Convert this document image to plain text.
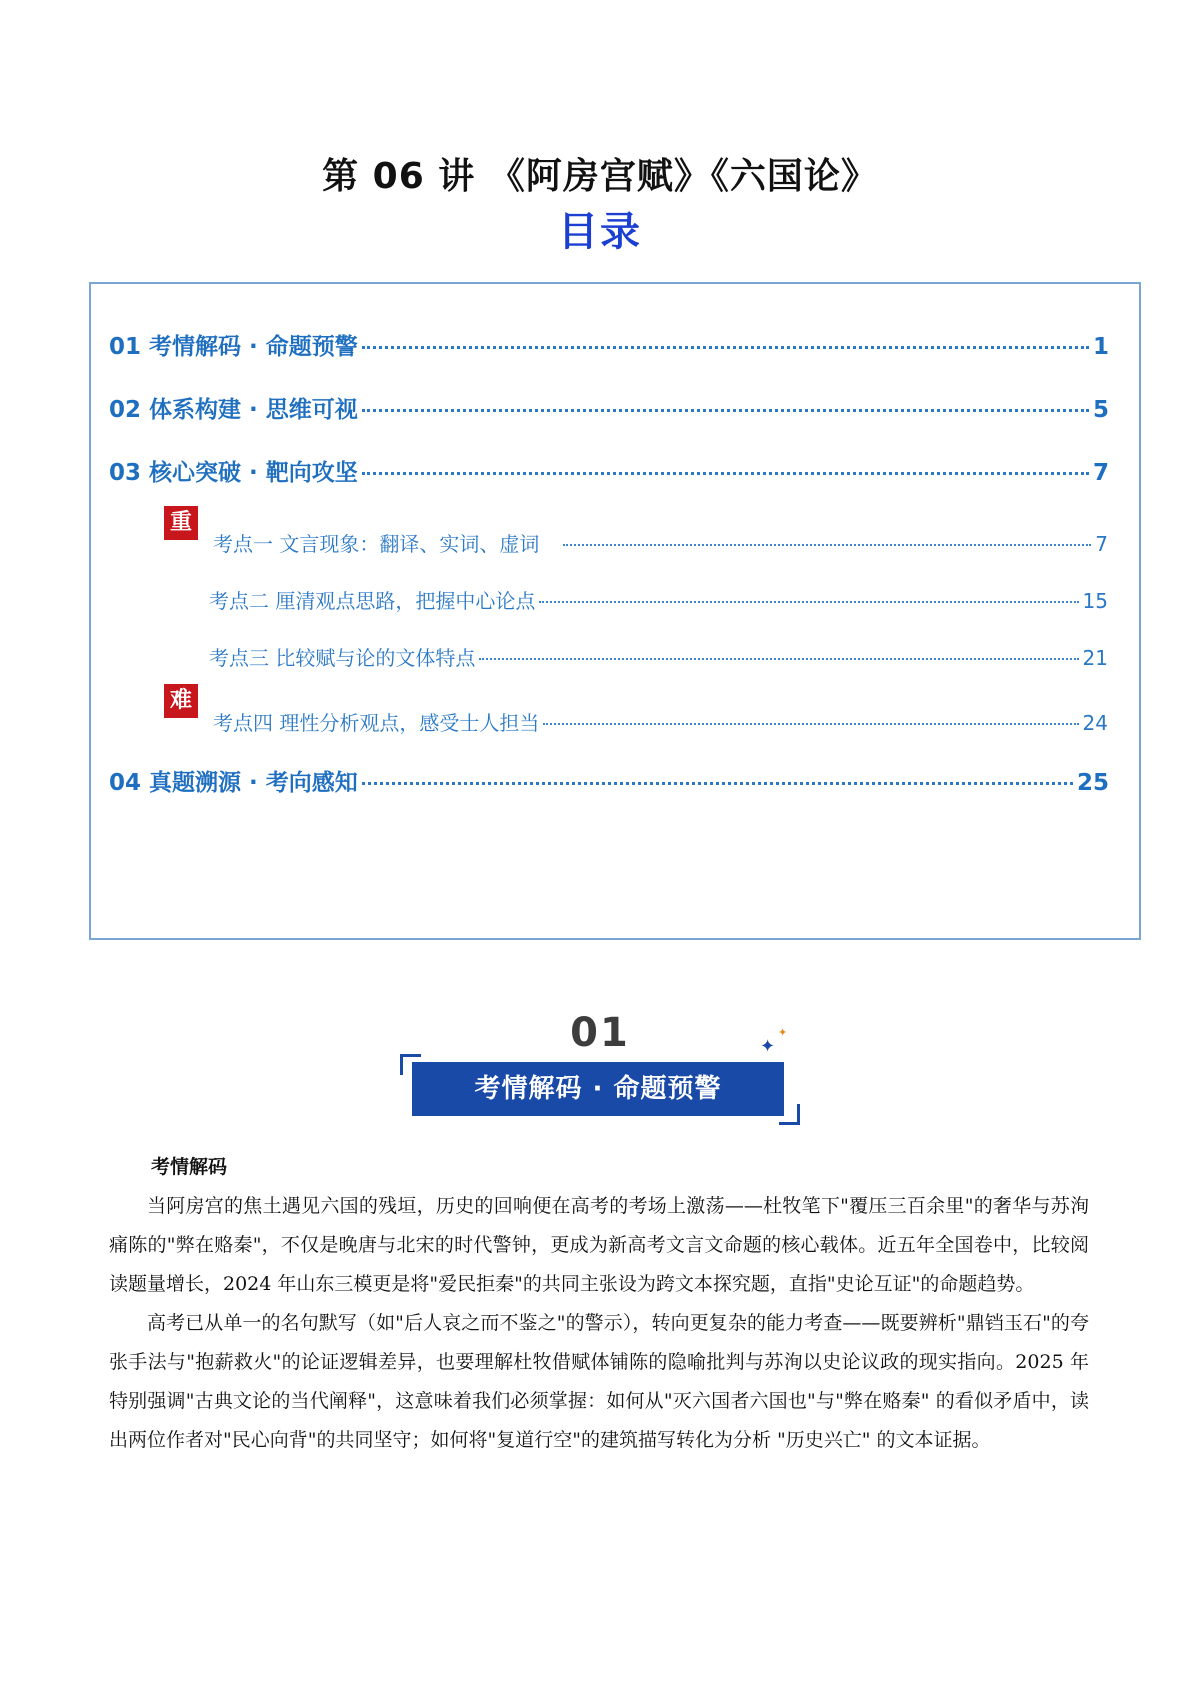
第 06 讲 《阿房宫赋》《六国论》
目录
01 考情解码 · 命题预警	1
02 体系构建 · 思维可视	5
03 核心突破 · 靶向攻坚	7
重
考点一 文言现象：翻译、实词、虚词	7
考点二 厘清观点思路，把握中心论点	15
考点三 比较赋与论的文体特点	21
难
考点四 理性分析观点，感受士人担当	24
04 真题溯源 · 考向感知	25
01
考情解码 · 命题预警
✦
✦
考情解码

当阿房宫的焦土遇见六国的残垣，历史的回响便在高考的考场上激荡——杜牧笔下"覆压三百余里"的奢华与苏洵痛陈的"弊在赂秦"，不仅是晚唐与北宋的时代警钟，更成为新高考文言文命题的核心载体。近五年全国卷中，比较阅读题量增长，2024 年山东三模更是将"爱民拒秦"的共同主张设为跨文本探究题，直指"史论互证"的命题趋势。

高考已从单一的名句默写（如"后人哀之而不鉴之"的警示），转向更复杂的能力考查——既要辨析"鼎铛玉石"的夸张手法与"抱薪救火"的论证逻辑差异，也要理解杜牧借赋体铺陈的隐喻批判与苏洵以史论议政的现实指向。2025 年特别强调"古典文论的当代阐释"，这意味着我们必须掌握：如何从"灭六国者六国也"与"弊在赂秦" 的看似矛盾中，读出两位作者对"民心向背"的共同坚守；如何将"复道行空"的建筑描写转化为分析 "历史兴亡" 的文本证据。
